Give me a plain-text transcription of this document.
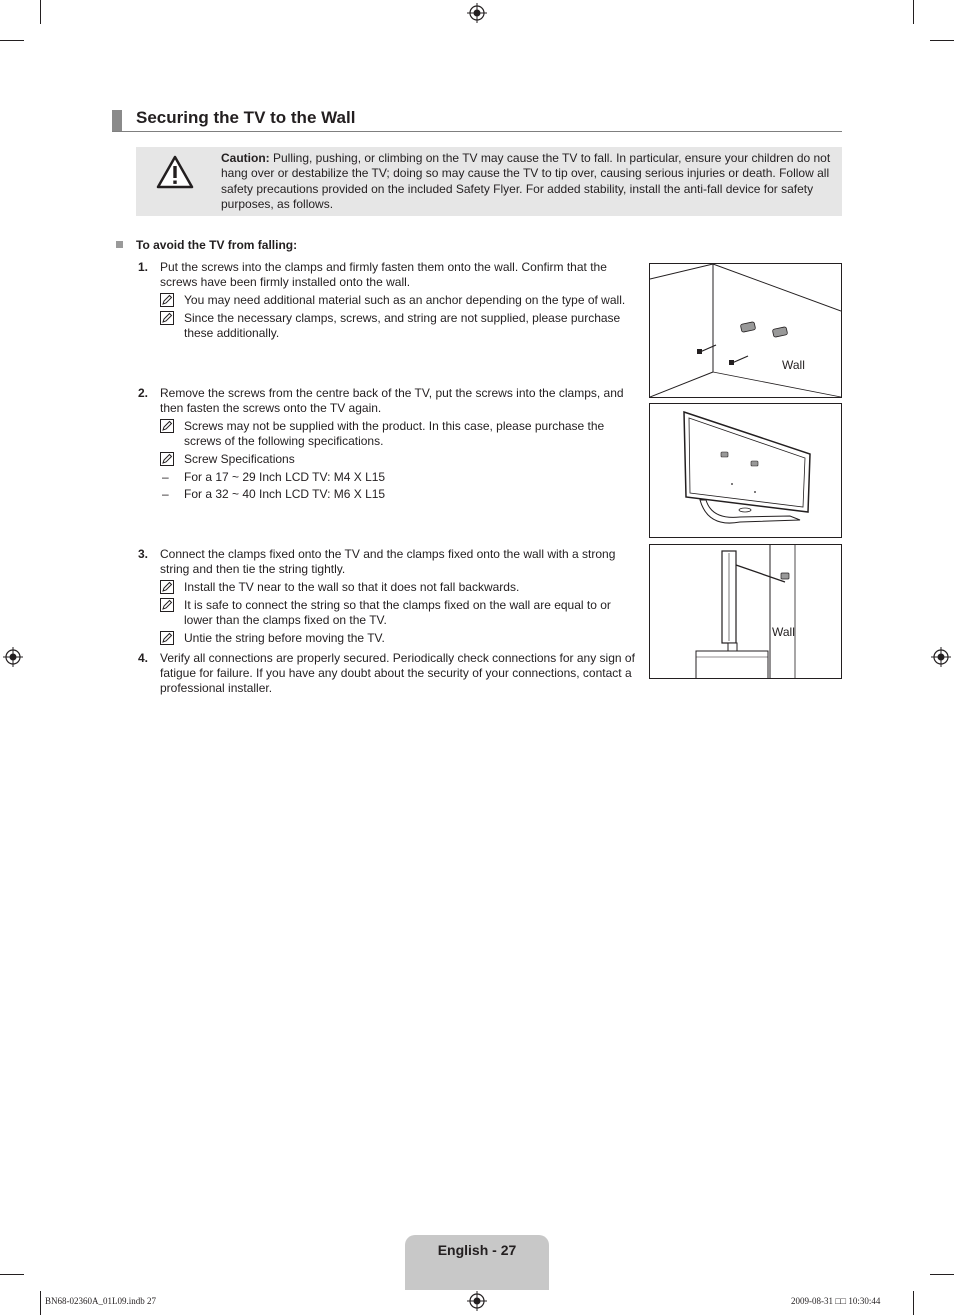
Securing the TV to the Wall
Caution: Pulling, pushing, or climbing on the TV may cause the TV to fall. In particular, ensure your children do not hang over or destabilize the TV; doing so may cause the TV to tip over, causing serious injuries or death. Follow all safety precautions provided on the included Safety Flyer. For added stability, install the anti-fall device for safety purposes, as follows.
To avoid the TV from falling:
1. Put the screws into the clamps and firmly fasten them onto the wall. Confirm that the screws have been firmly installed onto the wall.
You may need additional material such as an anchor depending on the type of wall.
Since the necessary clamps, screws, and string are not supplied, please purchase these additionally.
2. Remove the screws from the centre back of the TV, put the screws into the clamps, and then fasten the screws onto the TV again.
Screws may not be supplied with the product. In this case, please purchase the screws of the following specifications.
Screw Specifications
– For a 17 ~ 29 Inch LCD TV: M4 X L15
– For a 32 ~ 40 Inch LCD TV: M6 X L15
3. Connect the clamps fixed onto the TV and the clamps fixed onto the wall with a strong string and then tie the string tightly.
Install the TV near to the wall so that it does not fall backwards.
It is safe to connect the string so that the clamps fixed on the wall are equal to or lower than the clamps fixed on the TV.
Untie the string before moving the TV.
4. Verify all connections are properly secured. Periodically check connections for any sign of fatigue for failure. If you have any doubt about the security of your connections, contact a professional installer.
Wall
Wall
English - 27
BN68-02360A_01L09.indb 27	2009-08-31 □□ 10:30:44
